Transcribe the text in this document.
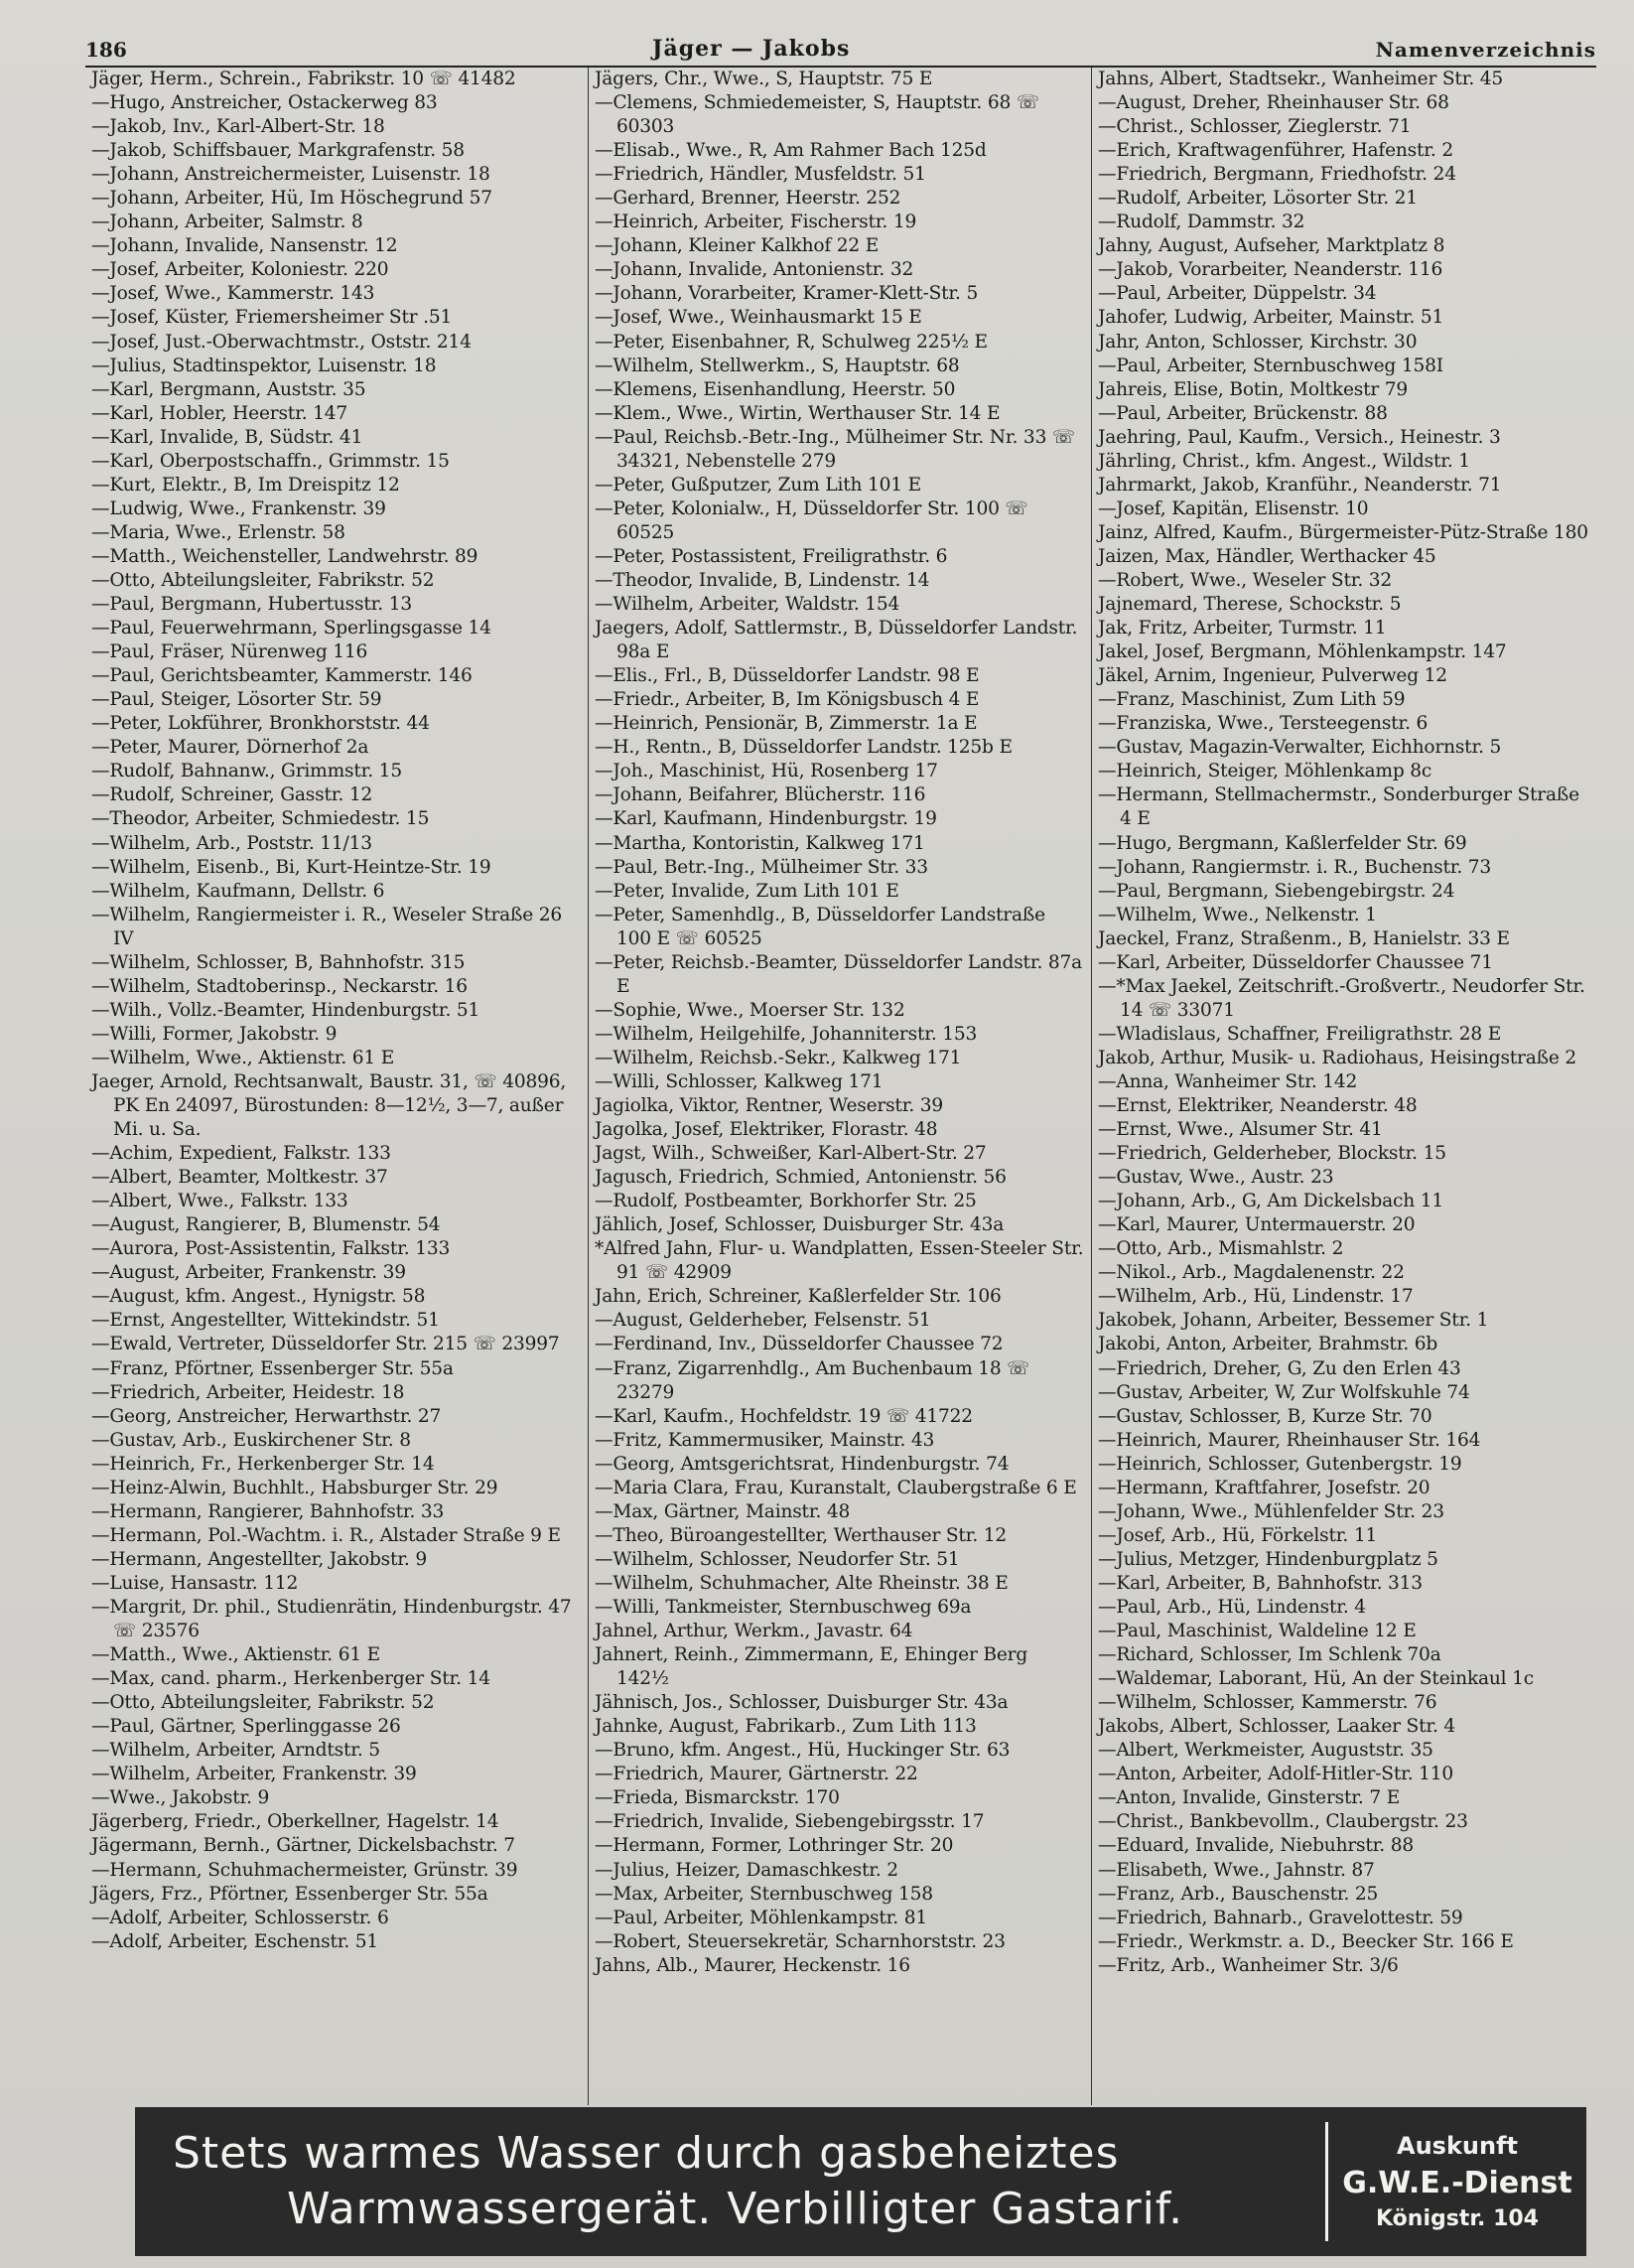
186	Jäger — Jakobs	Namenverzeichnis
Jäger, Herm., Schrein., Fabrikstr. 10 ☏ 41482
—Hugo, Anstreicher, Ostackerweg 83
—Jakob, Inv., Karl-Albert-Str. 18
—Jakob, Schiffsbauer, Markgrafenstr. 58
—Johann, Anstreichermeister, Luisenstr. 18
—Johann, Arbeiter, Hü, Im Höschegrund 57
—Johann, Arbeiter, Salmstr. 8
—Johann, Invalide, Nansenstr. 12
—Josef, Arbeiter, Koloniestr. 220
—Josef, Wwe., Kammerstr. 143
—Josef, Küster, Friemersheimer Str .51
—Josef, Just.-Oberwachtmstr., Oststr. 214
—Julius, Stadtinspektor, Luisenstr. 18
—Karl, Bergmann, Auststr. 35
—Karl, Hobler, Heerstr. 147
—Karl, Invalide, B, Südstr. 41
—Karl, Oberpostschaffn., Grimmstr. 15
—Kurt, Elektr., B, Im Dreispitz 12
—Ludwig, Wwe., Frankenstr. 39
—Maria, Wwe., Erlenstr. 58
—Matth., Weichensteller, Landwehrstr. 89
—Otto, Abteilungsleiter, Fabrikstr. 52
—Paul, Bergmann, Hubertusstr. 13
—Paul, Feuerwehrmann, Sperlingsgasse 14
—Paul, Fräser, Nürenweg 116
—Paul, Gerichtsbeamter, Kammerstr. 146
—Paul, Steiger, Lösorter Str. 59
—Peter, Lokführer, Bronkhorststr. 44
—Peter, Maurer, Dörnerhof 2a
—Rudolf, Bahnanw., Grimmstr. 15
—Rudolf, Schreiner, Gasstr. 12
—Theodor, Arbeiter, Schmiedestr. 15
—Wilhelm, Arb., Poststr. 11/13
—Wilhelm, Eisenb., Bi, Kurt-Heintze-Str. 19
—Wilhelm, Kaufmann, Dellstr. 6
—Wilhelm, Rangiermeister i. R., Weseler Straße 26 IV
—Wilhelm, Schlosser, B, Bahnhofstr. 315
—Wilhelm, Stadtoberinsp., Neckarstr. 16
—Wilh., Vollz.-Beamter, Hindenburgstr. 51
—Willi, Former, Jakobstr. 9
—Wilhelm, Wwe., Aktienstr. 61 E
Jaeger, Arnold, Rechtsanwalt, Baustr. 31, ☏ 40896, PK En 24097, Bürostunden: 8—12½, 3—7, außer Mi. u. Sa.
—Achim, Expedient, Falkstr. 133
—Albert, Beamter, Moltkestr. 37
—Albert, Wwe., Falkstr. 133
—August, Rangierer, B, Blumenstr. 54
—Aurora, Post-Assistentin, Falkstr. 133
—August, Arbeiter, Frankenstr. 39
—August, kfm. Angest., Hynigstr. 58
—Ernst, Angestellter, Wittekindstr. 51
—Ewald, Vertreter, Düsseldorfer Str. 215 ☏ 23997
—Franz, Pförtner, Essenberger Str. 55a
—Friedrich, Arbeiter, Heidestr. 18
—Georg, Anstreicher, Herwarthstr. 27
—Gustav, Arb., Euskirchener Str. 8
—Heinrich, Fr., Herkenberger Str. 14
—Heinz-Alwin, Buchhlt., Habsburger Str. 29
—Hermann, Rangierer, Bahnhofstr. 33
—Hermann, Pol.-Wachtm. i. R., Alstader Straße 9 E
—Hermann, Angestellter, Jakobstr. 9
—Luise, Hansastr. 112
—Margrit, Dr. phil., Studienrätin, Hindenburgstr. 47 ☏ 23576
—Matth., Wwe., Aktienstr. 61 E
—Max, cand. pharm., Herkenberger Str. 14
—Otto, Abteilungsleiter, Fabrikstr. 52
—Paul, Gärtner, Sperlinggasse 26
—Wilhelm, Arbeiter, Arndtstr. 5
—Wilhelm, Arbeiter, Frankenstr. 39
—Wwe., Jakobstr. 9
Jägerberg, Friedr., Oberkellner, Hagelstr. 14
Jägermann, Bernh., Gärtner, Dickelsbachstr. 7
—Hermann, Schuhmachermeister, Grünstr. 39
Jägers, Frz., Pförtner, Essenberger Str. 55a
—Adolf, Arbeiter, Schlosserstr. 6
—Adolf, Arbeiter, Eschenstr. 51
Jägers, Chr., Wwe., S, Hauptstr. 75 E
—Clemens, Schmiedemeister, S, Hauptstr. 68 ☏ 60303
—Elisab., Wwe., R, Am Rahmer Bach 125d
—Friedrich, Händler, Musfeldstr. 51
—Gerhard, Brenner, Heerstr. 252
—Heinrich, Arbeiter, Fischerstr. 19
—Johann, Kleiner Kalkhof 22 E
—Johann, Invalide, Antonienstr. 32
—Johann, Vorarbeiter, Kramer-Klett-Str. 5
—Josef, Wwe., Weinhausmarkt 15 E
—Peter, Eisenbahner, R, Schulweg 225½ E
—Wilhelm, Stellwerkm., S, Hauptstr. 68
—Klemens, Eisenhandlung, Heerstr. 50
—Klem., Wwe., Wirtin, Werthauser Str. 14 E
—Paul, Reichsb.-Betr.-Ing., Mülheimer Str. Nr. 33 ☏ 34321, Nebenstelle 279
—Peter, Gußputzer, Zum Lith 101 E
—Peter, Kolonialw., H, Düsseldorfer Str. 100 ☏ 60525
—Peter, Postassistent, Freiligrathstr. 6
—Theodor, Invalide, B, Lindenstr. 14
—Wilhelm, Arbeiter, Waldstr. 154
Jaegers, Adolf, Sattlermstr., B, Düsseldorfer Landstr. 98a E
—Elis., Frl., B, Düsseldorfer Landstr. 98 E
—Friedr., Arbeiter, B, Im Königsbusch 4 E
—Heinrich, Pensionär, B, Zimmerstr. 1a E
—H., Rentn., B, Düsseldorfer Landstr. 125b E
—Joh., Maschinist, Hü, Rosenberg 17
—Johann, Beifahrer, Blücherstr. 116
—Karl, Kaufmann, Hindenburgstr. 19
—Martha, Kontoristin, Kalkweg 171
—Paul, Betr.-Ing., Mülheimer Str. 33
—Peter, Invalide, Zum Lith 101 E
—Peter, Samenhdlg., B, Düsseldorfer Landstraße 100 E ☏ 60525
—Peter, Reichsb.-Beamter, Düsseldorfer Landstr. 87a E
—Sophie, Wwe., Moerser Str. 132
—Wilhelm, Heilgehilfe, Johanniterstr. 153
—Wilhelm, Reichsb.-Sekr., Kalkweg 171
—Willi, Schlosser, Kalkweg 171
Jagiolka, Viktor, Rentner, Weserstr. 39
Jagolka, Josef, Elektriker, Florastr. 48
Jagst, Wilh., Schweißer, Karl-Albert-Str. 27
Jagusch, Friedrich, Schmied, Antonienstr. 56
—Rudolf, Postbeamter, Borkhorfer Str. 25
Jählich, Josef, Schlosser, Duisburger Str. 43a
*Alfred Jahn, Flur- u. Wandplatten, Essen-Steeler Str. 91 ☏ 42909
Jahn, Erich, Schreiner, Kaßlerfelder Str. 106
—August, Gelderheber, Felsenstr. 51
—Ferdinand, Inv., Düsseldorfer Chaussee 72
—Franz, Zigarrenhdlg., Am Buchenbaum 18 ☏ 23279
—Karl, Kaufm., Hochfeldstr. 19 ☏ 41722
—Fritz, Kammermusiker, Mainstr. 43
—Georg, Amtsgerichtsrat, Hindenburgstr. 74
—Maria Clara, Frau, Kuranstalt, Claubergstraße 6 E
—Max, Gärtner, Mainstr. 48
—Theo, Büroangestellter, Werthauser Str. 12
—Wilhelm, Schlosser, Neudorfer Str. 51
—Wilhelm, Schuhmacher, Alte Rheinstr. 38 E
—Willi, Tankmeister, Sternbuschweg 69a
Jahnel, Arthur, Werkm., Javastr. 64
Jahnert, Reinh., Zimmermann, E, Ehinger Berg 142½
Jähnisch, Jos., Schlosser, Duisburger Str. 43a
Jahnke, August, Fabrikarb., Zum Lith 113
—Bruno, kfm. Angest., Hü, Huckinger Str. 63
—Friedrich, Maurer, Gärtnerstr. 22
—Frieda, Bismarckstr. 170
—Friedrich, Invalide, Siebengebirgsstr. 17
—Hermann, Former, Lothringer Str. 20
—Julius, Heizer, Damaschkestr. 2
—Max, Arbeiter, Sternbuschweg 158
—Paul, Arbeiter, Möhlenkampstr. 81
—Robert, Steuersekretär, Scharnhorststr. 23
Jahns, Alb., Maurer, Heckenstr. 16
Jahns, Albert, Stadtsekr., Wanheimer Str. 45
—August, Dreher, Rheinhauser Str. 68
—Christ., Schlosser, Zieglerstr. 71
—Erich, Kraftwagenführer, Hafenstr. 2
—Friedrich, Bergmann, Friedhofstr. 24
—Rudolf, Arbeiter, Lösorter Str. 21
—Rudolf, Dammstr. 32
Jahny, August, Aufseher, Marktplatz 8
—Jakob, Vorarbeiter, Neanderstr. 116
—Paul, Arbeiter, Düppelstr. 34
Jahofer, Ludwig, Arbeiter, Mainstr. 51
Jahr, Anton, Schlosser, Kirchstr. 30
—Paul, Arbeiter, Sternbuschweg 158I
Jahreis, Elise, Botin, Moltkestr 79
—Paul, Arbeiter, Brückenstr. 88
Jaehring, Paul, Kaufm., Versich., Heinestr. 3
Jährling, Christ., kfm. Angest., Wildstr. 1
Jahrmarkt, Jakob, Kranführ., Neanderstr. 71
—Josef, Kapitän, Elisenstr. 10
Jainz, Alfred, Kaufm., Bürgermeister-Pütz-Straße 180
Jaizen, Max, Händler, Werthacker 45
—Robert, Wwe., Weseler Str. 32
Jajnemard, Therese, Schockstr. 5
Jak, Fritz, Arbeiter, Turmstr. 11
Jakel, Josef, Bergmann, Möhlenkampstr. 147
Jäkel, Arnim, Ingenieur, Pulverweg 12
—Franz, Maschinist, Zum Lith 59
—Franziska, Wwe., Tersteegenstr. 6
—Gustav, Magazin-Verwalter, Eichhornstr. 5
—Heinrich, Steiger, Möhlenkamp 8c
—Hermann, Stellmachermstr., Sonderburger Straße 4 E
—Hugo, Bergmann, Kaßlerfelder Str. 69
—Johann, Rangiermstr. i. R., Buchenstr. 73
—Paul, Bergmann, Siebengebirgstr. 24
—Wilhelm, Wwe., Nelkenstr. 1
Jaeckel, Franz, Straßenm., B, Hanielstr. 33 E
—Karl, Arbeiter, Düsseldorfer Chaussee 71
—*Max Jaekel, Zeitschrift.-Großvertr., Neudorfer Str. 14 ☏ 33071
—Wladislaus, Schaffner, Freiligrathstr. 28 E
Jakob, Arthur, Musik- u. Radiohaus, Heisingstraße 2
—Anna, Wanheimer Str. 142
—Ernst, Elektriker, Neanderstr. 48
—Ernst, Wwe., Alsumer Str. 41
—Friedrich, Gelderheber, Blockstr. 15
—Gustav, Wwe., Austr. 23
—Johann, Arb., G, Am Dickelsbach 11
—Karl, Maurer, Untermauerstr. 20
—Otto, Arb., Mismahlstr. 2
—Nikol., Arb., Magdalenenstr. 22
—Wilhelm, Arb., Hü, Lindenstr. 17
Jakobek, Johann, Arbeiter, Bessemer Str. 1
Jakobi, Anton, Arbeiter, Brahmstr. 6b
—Friedrich, Dreher, G, Zu den Erlen 43
—Gustav, Arbeiter, W, Zur Wolfskuhle 74
—Gustav, Schlosser, B, Kurze Str. 70
—Heinrich, Maurer, Rheinhauser Str. 164
—Heinrich, Schlosser, Gutenbergstr. 19
—Hermann, Kraftfahrer, Josefstr. 20
—Johann, Wwe., Mühlenfelder Str. 23
—Josef, Arb., Hü, Förkelstr. 11
—Julius, Metzger, Hindenburgplatz 5
—Karl, Arbeiter, B, Bahnhofstr. 313
—Paul, Arb., Hü, Lindenstr. 4
—Paul, Maschinist, Waldeline 12 E
—Richard, Schlosser, Im Schlenk 70a
—Waldemar, Laborant, Hü, An der Steinkaul 1c
—Wilhelm, Schlosser, Kammerstr. 76
Jakobs, Albert, Schlosser, Laaker Str. 4
—Albert, Werkmeister, Auguststr. 35
—Anton, Arbeiter, Adolf-Hitler-Str. 110
—Anton, Invalide, Ginsterstr. 7 E
—Christ., Bankbevollm., Claubergstr. 23
—Eduard, Invalide, Niebuhrstr. 88
—Elisabeth, Wwe., Jahnstr. 87
—Franz, Arb., Bauschenstr. 25
—Friedrich, Bahnarb., Gravelottestr. 59
—Friedr., Werkmstr. a. D., Beecker Str. 166 E
—Fritz, Arb., Wanheimer Str. 3/6
Stets warmes Wasser durch gasbeheiztes
Warmwassergerät. Verbilligter Gastarif.
Auskunft
G.W.E.-Dienst
Königstr. 104
